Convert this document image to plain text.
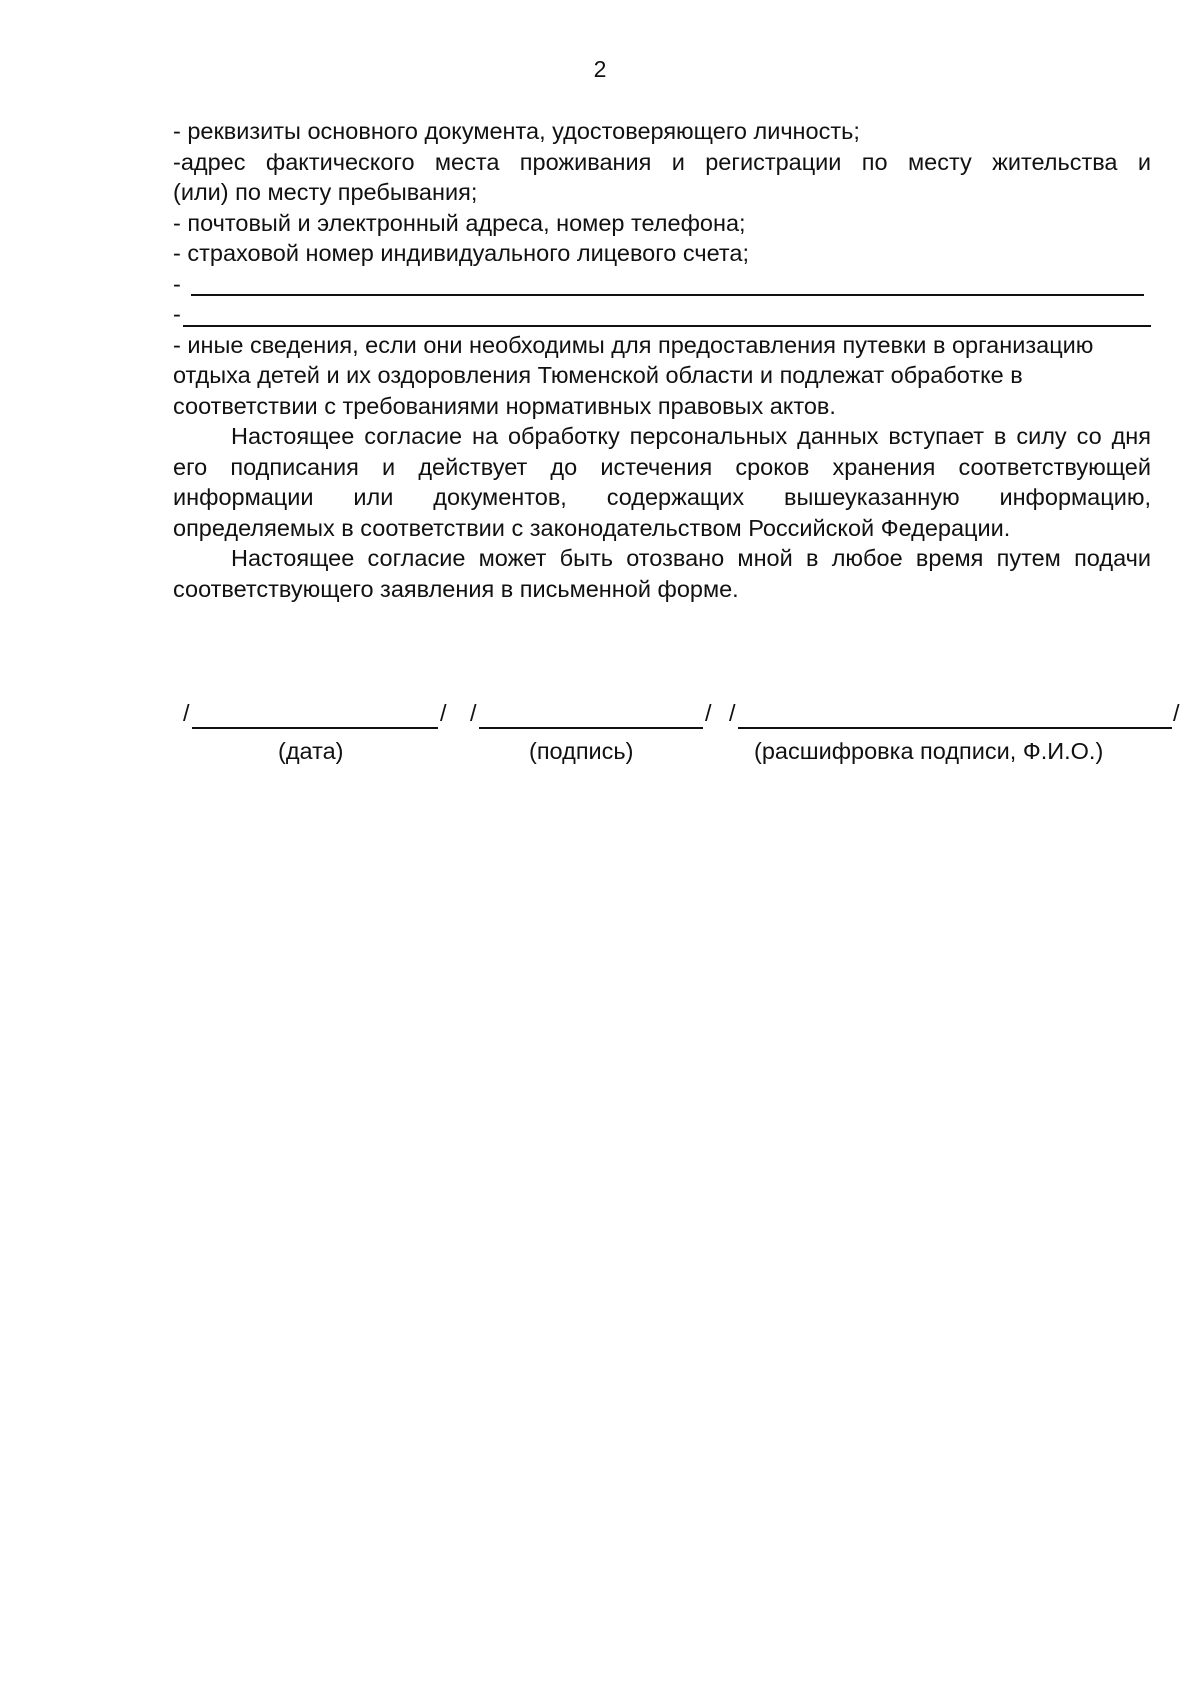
2
- реквизиты основного документа, удостоверяющего личность;
-адрес фактического места проживания и регистрации по месту жительства и
(или) по месту пребывания;
- почтовый и электронный адреса, номер телефона;
- страховой номер индивидуального лицевого счета;
-
-
- иные сведения, если они необходимы для предоставления путевки в организацию отдыха детей и их оздоровления Тюменской области и подлежат обработке в соответствии с требованиями нормативных правовых актов.
Настоящее согласие на обработку персональных данных вступает в силу со дня его подписания и действует до истечения сроков хранения соответствующей информации или документов, содержащих вышеуказанную информацию, определяемых в соответствии с законодательством Российской Федерации.
Настоящее согласие может быть отозвано мной в любое время путем подачи соответствующего заявления в письменной форме.
/	/ /	/ /	/
(дата)	(подпись)	(расшифровка подписи, Ф.И.О.)
